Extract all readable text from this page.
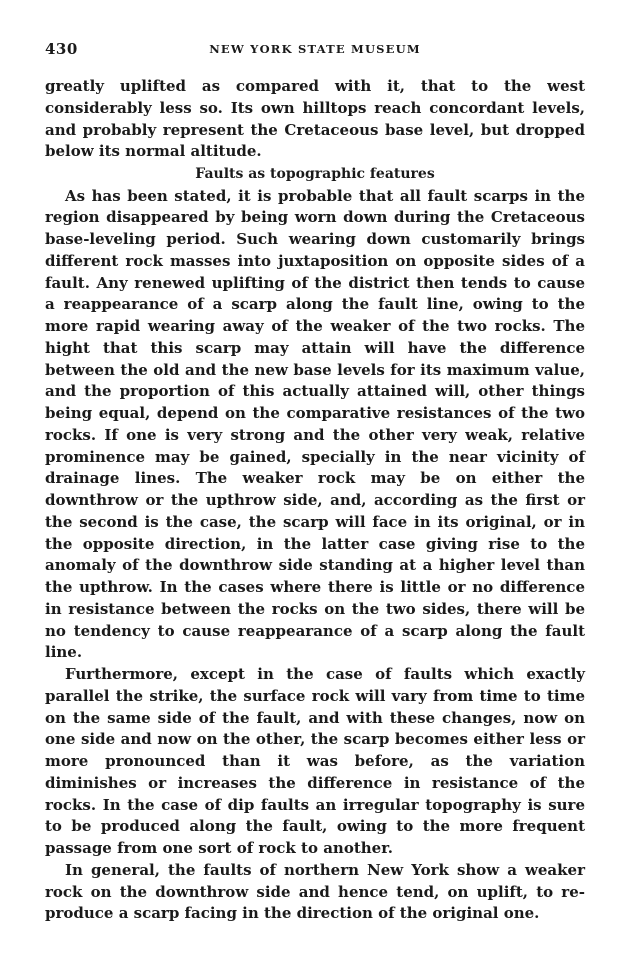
430	NEW YORK STATE MUSEUM

greatly uplifted as compared with it, that to the west considerably less so. Its own hilltops reach concordant levels, and probably represent the Cretaceous base level, but dropped below its normal altitude.

Faults as topographic features

As has been stated, it is probable that all fault scarps in the region disappeared by being worn down during the Cretaceous base-leveling period. Such wearing down customarily brings different rock masses into juxtaposition on opposite sides of a fault. Any renewed uplifting of the district then tends to cause a reappearance of a scarp along the fault line, owing to the more rapid wearing away of the weaker of the two rocks. The hight that this scarp may attain will have the difference between the old and the new base levels for its maximum value, and the proportion of this actually attained will, other things being equal, depend on the comparative resistances of the two rocks. If one is very strong and the other very weak, relative prominence may be gained, specially in the near vicinity of drainage lines. The weaker rock may be on either the downthrow or the upthrow side, and, according as the first or the second is the case, the scarp will face in its original, or in the opposite direction, in the latter case giving rise to the anomaly of the downthrow side standing at a higher level than the upthrow. In the cases where there is little or no difference in resistance between the rocks on the two sides, there will be no tendency to cause reappearance of a scarp along the fault line.

Furthermore, except in the case of faults which exactly parallel the strike, the surface rock will vary from time to time on the same side of the fault, and with these changes, now on one side and now on the other, the scarp becomes either less or more pronounced than it was before, as the variation diminishes or increases the difference in resistance of the rocks. In the case of dip faults an irregular topography is sure to be produced along the fault, owing to the more frequent passage from one sort of rock to another.

In general, the faults of northern New York show a weaker rock on the downthrow side and hence tend, on uplift, to reproduce a scarp facing in the direction of the original one.
